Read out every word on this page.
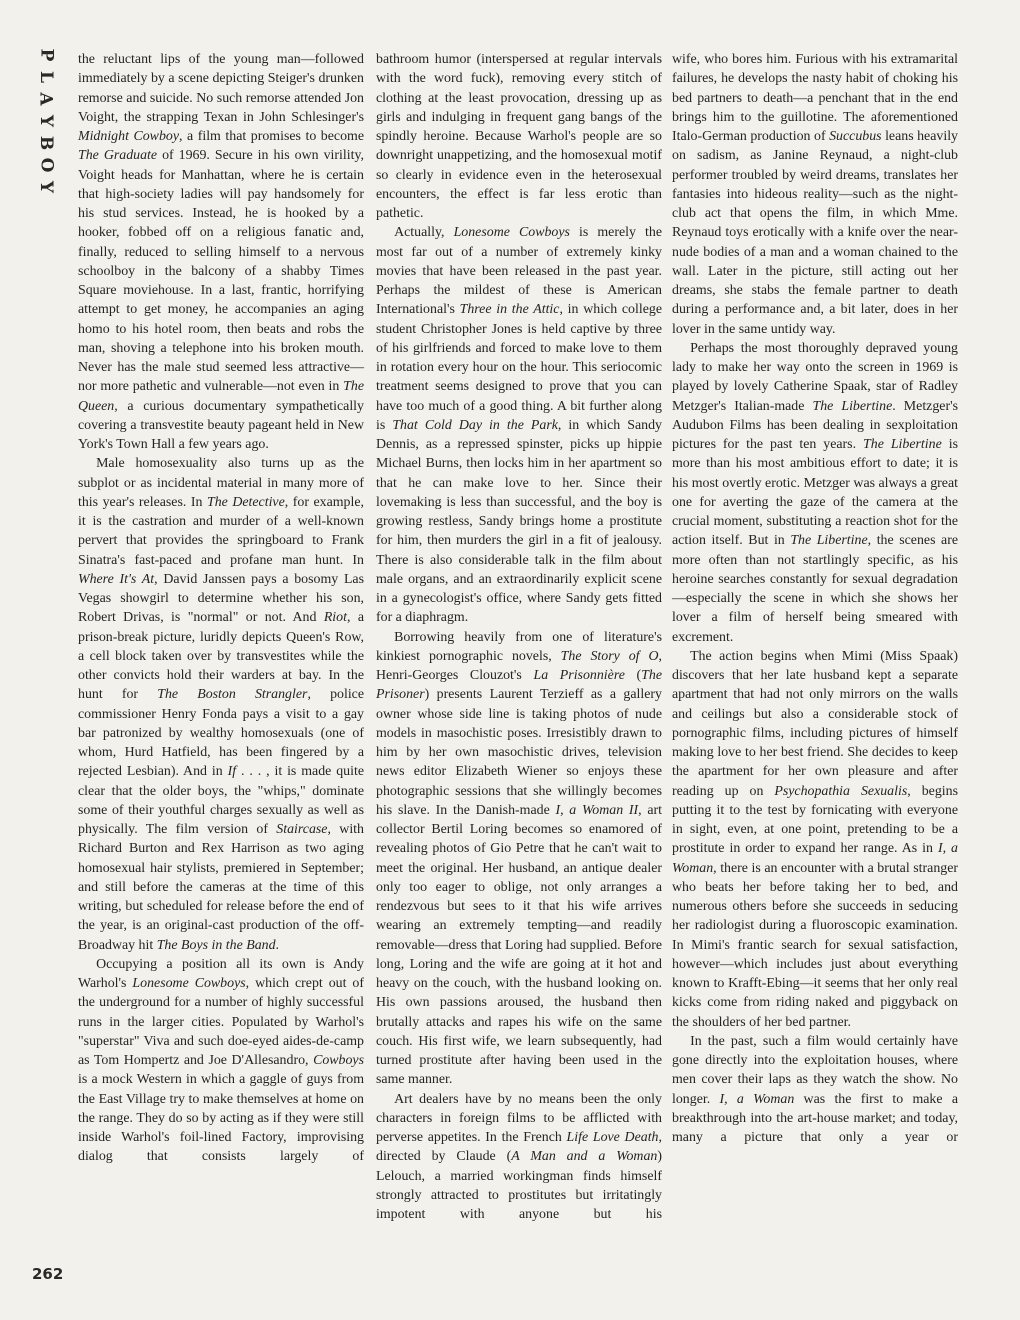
P
L
A
Y
B
O
Y

the reluctant lips of the young man—followed immediately by a scene depicting Steiger's drunken remorse and suicide. No such remorse attended Jon Voight, the strapping Texan in John Schlesinger's Midnight Cowboy, a film that promises to become The Graduate of 1969. Secure in his own virility, Voight heads for Manhattan, where he is certain that high-society ladies will pay handsomely for his stud services. Instead, he is hooked by a hooker, fobbed off on a religious fanatic and, finally, reduced to selling himself to a nervous schoolboy in the balcony of a shabby Times Square moviehouse. In a last, frantic, horrifying attempt to get money, he accompanies an aging homo to his hotel room, then beats and robs the man, shoving a telephone into his broken mouth. Never has the male stud seemed less attractive—nor more pathetic and vulnerable—not even in The Queen, a curious documentary sympathetically covering a transvestite beauty pageant held in New York's Town Hall a few years ago.

Male homosexuality also turns up as the subplot or as incidental material in many more of this year's releases. In The Detective, for example, it is the castration and murder of a well-known pervert that provides the springboard to Frank Sinatra's fast-paced and profane man hunt. In Where It's At, David Janssen pays a bosomy Las Vegas showgirl to determine whether his son, Robert Drivas, is "normal" or not. And Riot, a prison-break picture, luridly depicts Queen's Row, a cell block taken over by transvestites while the other convicts hold their warders at bay. In the hunt for The Boston Strangler, police commissioner Henry Fonda pays a visit to a gay bar patronized by wealthy homosexuals (one of whom, Hurd Hatfield, has been fingered by a rejected Lesbian). And in If . . . , it is made quite clear that the older boys, the "whips," dominate some of their youthful charges sexually as well as physically. The film version of Staircase, with Richard Burton and Rex Harrison as two aging homosexual hair stylists, premiered in September; and still before the cameras at the time of this writing, but scheduled for release before the end of the year, is an original-cast production of the off-Broadway hit The Boys in the Band.

Occupying a position all its own is Andy Warhol's Lonesome Cowboys, which crept out of the underground for a number of highly successful runs in the larger cities. Populated by Warhol's "superstar" Viva and such doe-eyed aides-de-camp as Tom Hompertz and Joe D'Allesandro, Cowboys is a mock Western in which a gaggle of guys from the East Village try to make themselves at home on the range. They do so by acting as if they were still inside Warhol's foil-lined Factory, improvising dialog that consists largely of

bathroom humor (interspersed at regular intervals with the word fuck), removing every stitch of clothing at the least provocation, dressing up as girls and indulging in frequent gang bangs of the spindly heroine. Because Warhol's people are so downright unappetizing, and the homosexual motif so clearly in evidence even in the heterosexual encounters, the effect is far less erotic than pathetic.

Actually, Lonesome Cowboys is merely the most far out of a number of extremely kinky movies that have been released in the past year. Perhaps the mildest of these is American International's Three in the Attic, in which college student Christopher Jones is held captive by three of his girlfriends and forced to make love to them in rotation every hour on the hour. This seriocomic treatment seems designed to prove that you can have too much of a good thing. A bit further along is That Cold Day in the Park, in which Sandy Dennis, as a repressed spinster, picks up hippie Michael Burns, then locks him in her apartment so that he can make love to her. Since their lovemaking is less than successful, and the boy is growing restless, Sandy brings home a prostitute for him, then murders the girl in a fit of jealousy. There is also considerable talk in the film about male organs, and an extraordinarily explicit scene in a gynecologist's office, where Sandy gets fitted for a diaphragm.

Borrowing heavily from one of literature's kinkiest pornographic novels, The Story of O, Henri-Georges Clouzot's La Prisonnière (The Prisoner) presents Laurent Terzieff as a gallery owner whose side line is taking photos of nude models in masochistic poses. Irresistibly drawn to him by her own masochistic drives, television news editor Elizabeth Wiener so enjoys these photographic sessions that she willingly becomes his slave. In the Danish-made I, a Woman II, art collector Bertil Loring becomes so enamored of revealing photos of Gio Petre that he can't wait to meet the original. Her husband, an antique dealer only too eager to oblige, not only arranges a rendezvous but sees to it that his wife arrives wearing an extremely tempting—and readily removable—dress that Loring had supplied. Before long, Loring and the wife are going at it hot and heavy on the couch, with the husband looking on. His own passions aroused, the husband then brutally attacks and rapes his wife on the same couch. His first wife, we learn subsequently, had turned prostitute after having been used in the same manner.

Art dealers have by no means been the only characters in foreign films to be afflicted with perverse appetites. In the French Life Love Death, directed by Claude (A Man and a Woman) Lelouch, a married workingman finds himself strongly attracted to prostitutes but irritatingly impotent with anyone but his

wife, who bores him. Furious with his extramarital failures, he develops the nasty habit of choking his bed partners to death—a penchant that in the end brings him to the guillotine. The aforementioned Italo-German production of Succubus leans heavily on sadism, as Janine Reynaud, a night-club performer troubled by weird dreams, translates her fantasies into hideous reality—such as the night-club act that opens the film, in which Mme. Reynaud toys erotically with a knife over the near-nude bodies of a man and a woman chained to the wall. Later in the picture, still acting out her dreams, she stabs the female partner to death during a performance and, a bit later, does in her lover in the same untidy way.

Perhaps the most thoroughly depraved young lady to make her way onto the screen in 1969 is played by lovely Catherine Spaak, star of Radley Metzger's Italian-made The Libertine. Metzger's Audubon Films has been dealing in sexploitation pictures for the past ten years. The Libertine is more than his most ambitious effort to date; it is his most overtly erotic. Metzger was always a great one for averting the gaze of the camera at the crucial moment, substituting a reaction shot for the action itself. But in The Libertine, the scenes are more often than not startlingly specific, as his heroine searches constantly for sexual degradation—especially the scene in which she shows her lover a film of herself being smeared with excrement.

The action begins when Mimi (Miss Spaak) discovers that her late husband kept a separate apartment that had not only mirrors on the walls and ceilings but also a considerable stock of pornographic films, including pictures of himself making love to her best friend. She decides to keep the apartment for her own pleasure and after reading up on Psychopathia Sexualis, begins putting it to the test by fornicating with everyone in sight, even, at one point, pretending to be a prostitute in order to expand her range. As in I, a Woman, there is an encounter with a brutal stranger who beats her before taking her to bed, and numerous others before she succeeds in seducing her radiologist during a fluoroscopic examination. In Mimi's frantic search for sexual satisfaction, however—which includes just about everything known to Krafft-Ebing—it seems that her only real kicks come from riding naked and piggyback on the shoulders of her bed partner.

In the past, such a film would certainly have gone directly into the exploitation houses, where men cover their laps as they watch the show. No longer. I, a Woman was the first to make a breakthrough into the art-house market; and today, many a picture that only a year or

262
